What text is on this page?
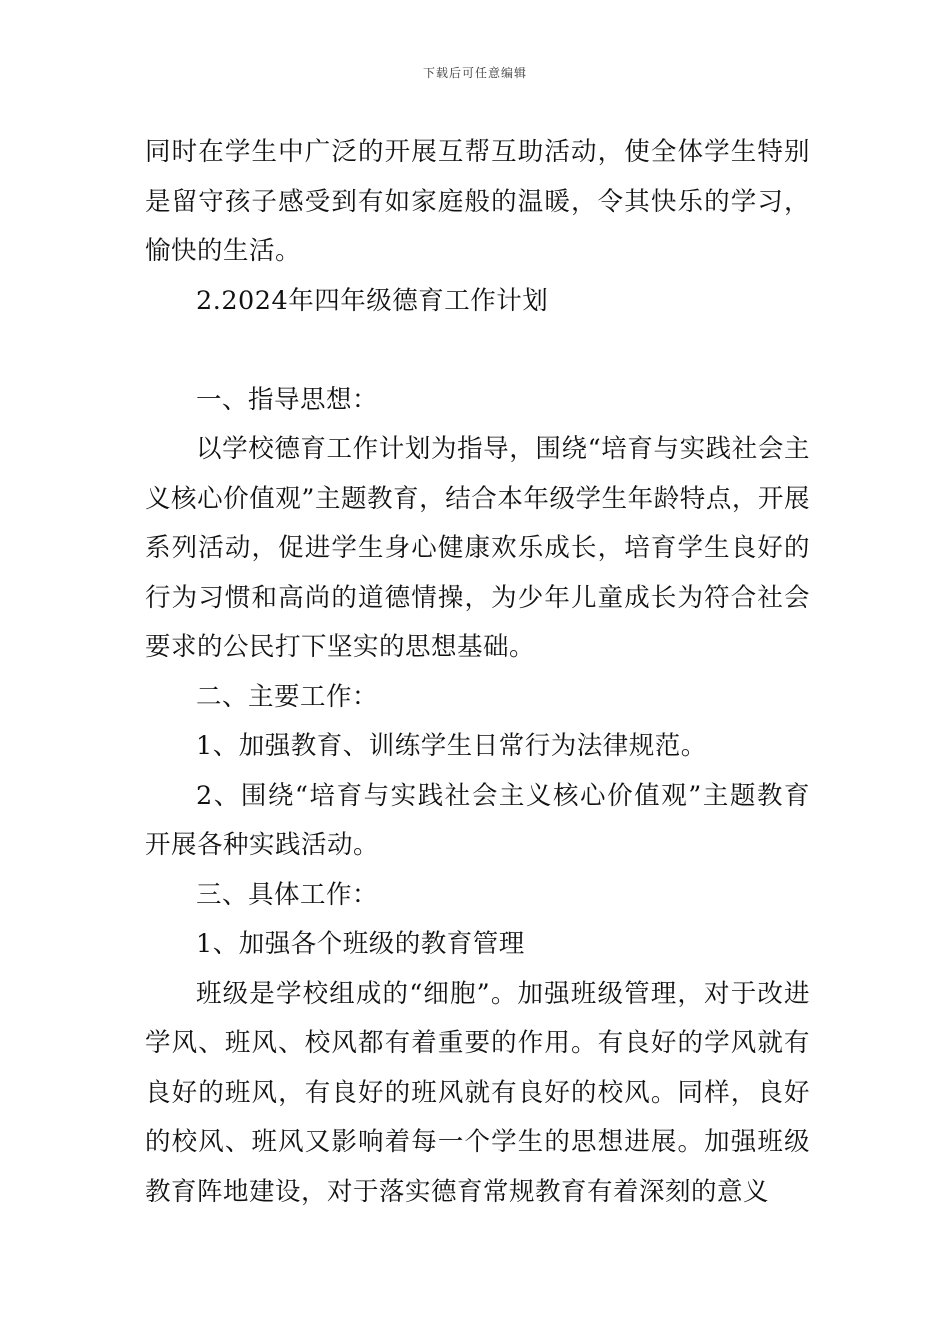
下载后可任意编辑

同时在学生中广泛的开展互帮互助活动，使全体学生特别是留守孩子感受到有如家庭般的温暖，令其快乐的学习，愉快的生活。

2.2024年四年级德育工作计划

一、指导思想：

以学校德育工作计划为指导，围绕“培育与实践社会主义核心价值观”主题教育，结合本年级学生年龄特点，开展系列活动，促进学生身心健康欢乐成长，培育学生良好的行为习惯和高尚的道德情操，为少年儿童成长为符合社会要求的公民打下坚实的思想基础。

二、主要工作：

1、加强教育、训练学生日常行为法律规范。

2、围绕“培育与实践社会主义核心价值观”主题教育开展各种实践活动。

三、具体工作：

1、加强各个班级的教育管理

班级是学校组成的“细胞”。加强班级管理，对于改进学风、班风、校风都有着重要的作用。有良好的学风就有良好的班风，有良好的班风就有良好的校风。同样，良好的校风、班风又影响着每一个学生的思想进展。加强班级教育阵地建设，对于落实德育常规教育有着深刻的意义
